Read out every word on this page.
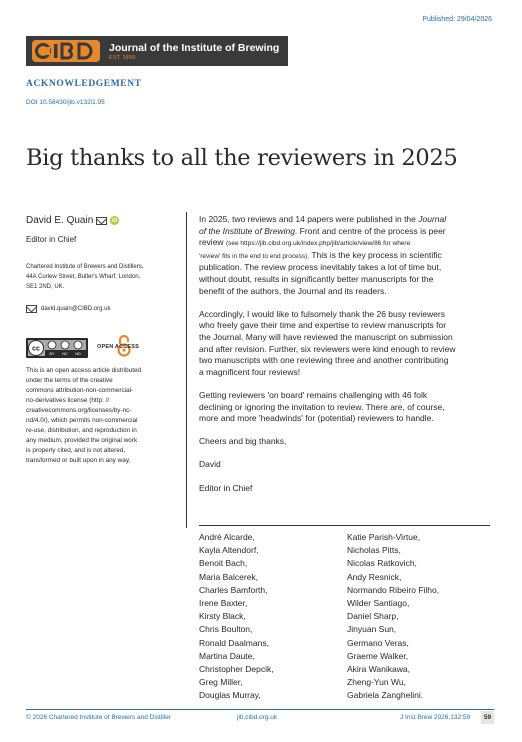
Published: 29/04/2026
Journal of the Institute of Brewing
EST 1895
ACKNOWLEDGEMENT
DOI 10.58430/jib.v132i1.95
Big thanks to all the reviewers in 2025
David E. Quain	iD
Editor in Chief
Chartered Institute of Brewers and Distillers,
44A Curlew Street, Butler's Wharf, London,
SE1 2ND, UK.
david.quain@CIBD.org.uk
cc
BY NC ND
OPEN ACCESS
This is an open access article distributed
under the terms of the creative
commons attribution-non-commercial-
no-derivatives license (http: //
creativecommons.org/licenses/by-nc-
nd/4.0/), which permits non-commercial
re-use, distribution, and reproduction in
any medium, provided the original work
is properly cited, and is not altered,
transformed or built upon in any way.
In 2025, two reviews and 14 papers were published in the Journal
of the Institute of Brewing. Front and centre of the process is peer
review (see https://jib.cibd.org.uk/index.php/jib/article/view/86 for where
'review' fits in the end to end process). This is the key process in scientific
publication. The review process inevitably takes a lot of time but,
without doubt, results in significantly better manuscripts for the
benefit of the authors, the Journal and its readers.
Accordingly, I would like to fulsomely thank the 26 busy reviewers
who freely gave their time and expertise to review manuscripts for
the Journal. Many will have reviewed the manuscript on submission
and after revision. Further, six reviewers were kind enough to review
two manuscripts with one reviewing three and another contributing
a magnificent four reviews!
Getting reviewers 'on board' remains challenging with 46 folk
declining or ignoring the invitation to review. There are, of course,
more and more 'headwinds' for (potential) reviewers to handle.
Cheers and big thanks,
David
Editor in Chief
André Alcarde,
Kayla Altendorf,
Benoit Bach,
Maria Balcerek,
Charles Bamforth,
Irene Baxter,
Kirsty Black,
Chris Boulton,
Ronald Daalmans,
Martina Daute,
Christopher Depcik,
Greg Miller,
Douglas Murray,
Katie Parish-Virtue,
Nicholas Pitts,
Nicolas Ratkovich,
Andy Resnick,
Normando Ribeiro Filho,
Wilder Santiago,
Daniel Sharp,
Jinyuan Sun,
Germano Veras,
Graeme Walker,
Akira Wanikawa,
Zheng-Yun Wu,
Gabriela Zanghelini.
© 2026 Chartered Institute of Brewers and Distiller	jib.cibd.org.uk	J Inst Brew 2026,132:59	59
